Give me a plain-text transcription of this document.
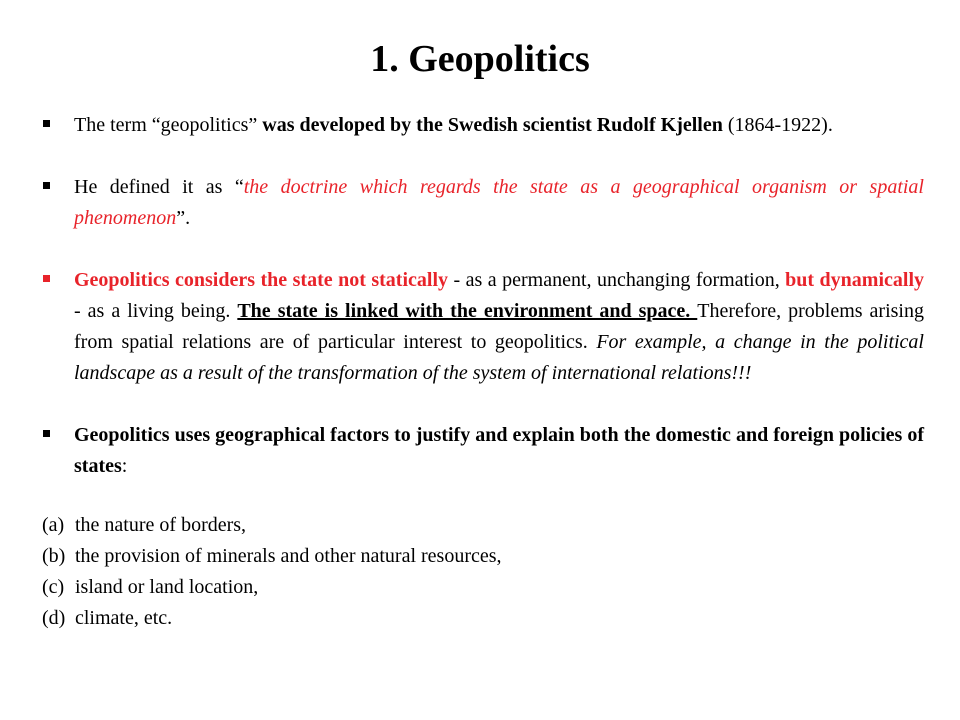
1. Geopolitics
The term “geopolitics” was developed by the Swedish scientist Rudolf Kjellen (1864-1922).
He defined it as “the doctrine which regards the state as a geographical organism or spatial phenomenon”.
Geopolitics considers the state not statically - as a permanent, unchanging formation, but dynamically - as a living being. The state is linked with the environment and space. Therefore, problems arising from spatial relations are of particular interest to geopolitics. For example, a change in the political landscape as a result of the transformation of the system of international relations!!!
Geopolitics uses geographical factors to justify and explain both the domestic and foreign policies of states:
(a) the nature of borders,
(b) the provision of minerals and other natural resources,
(c) island or land location,
(d) climate, etc.
